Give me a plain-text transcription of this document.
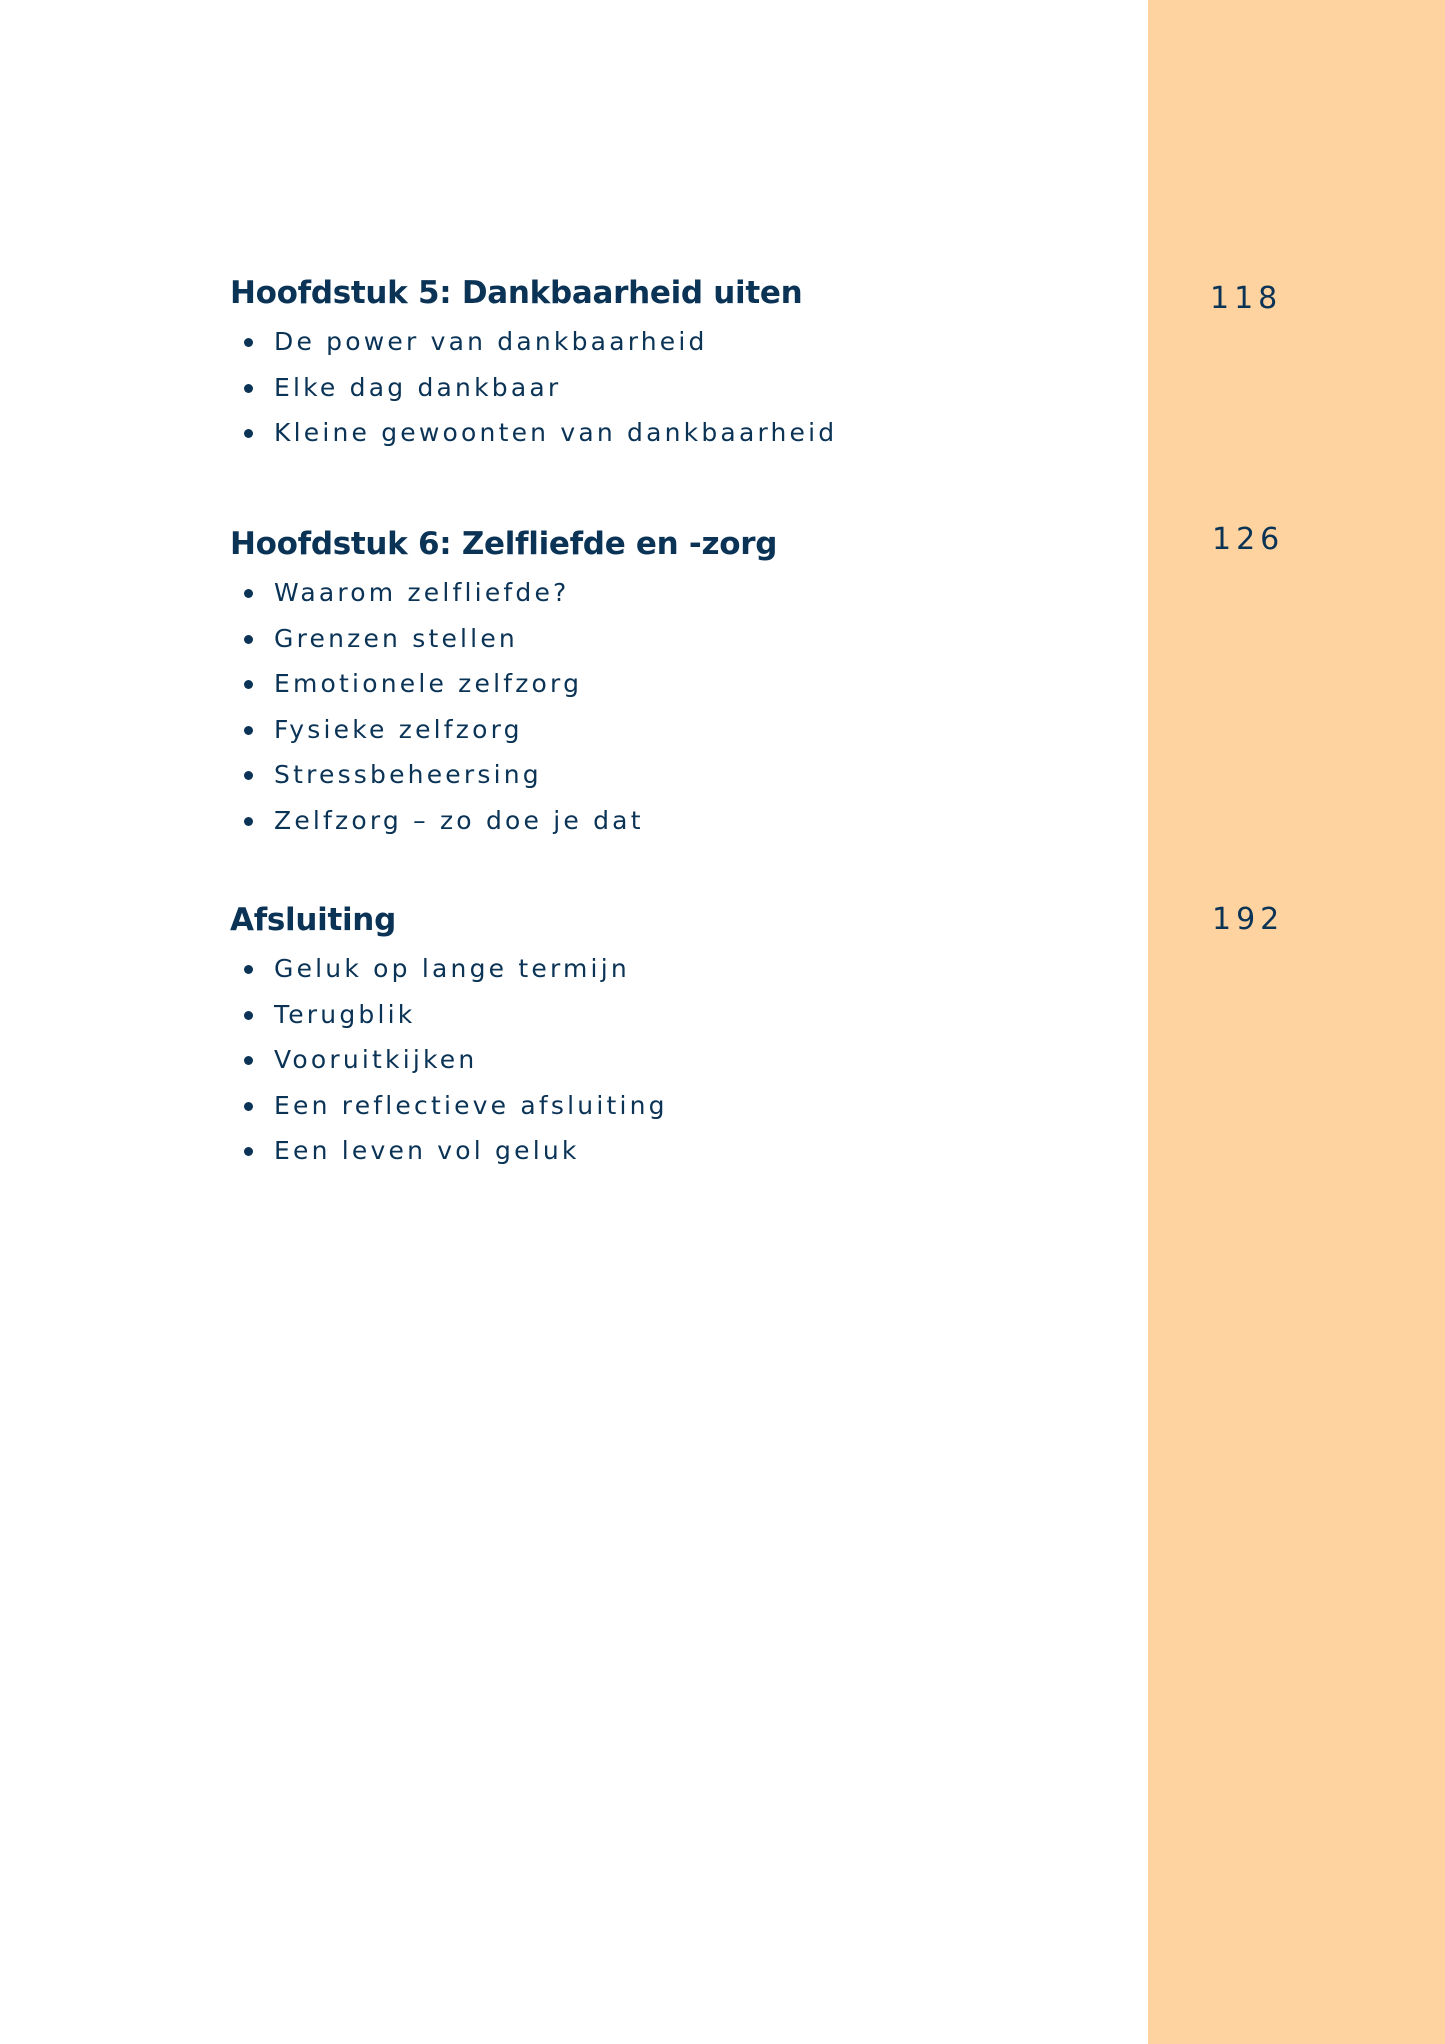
Hoofdstuk 5: Dankbaarheid uiten
De power van dankbaarheid
Elke dag dankbaar
Kleine gewoonten van dankbaarheid
118
Hoofdstuk 6: Zelfliefde en -zorg
Waarom zelfliefde?
Grenzen stellen
Emotionele zelfzorg
Fysieke zelfzorg
Stressbeheersing
Zelfzorg – zo doe je dat
126
Afsluiting
Geluk op lange termijn
Terugblik
Vooruitkijken
Een reflectieve afsluiting
Een leven vol geluk
192
